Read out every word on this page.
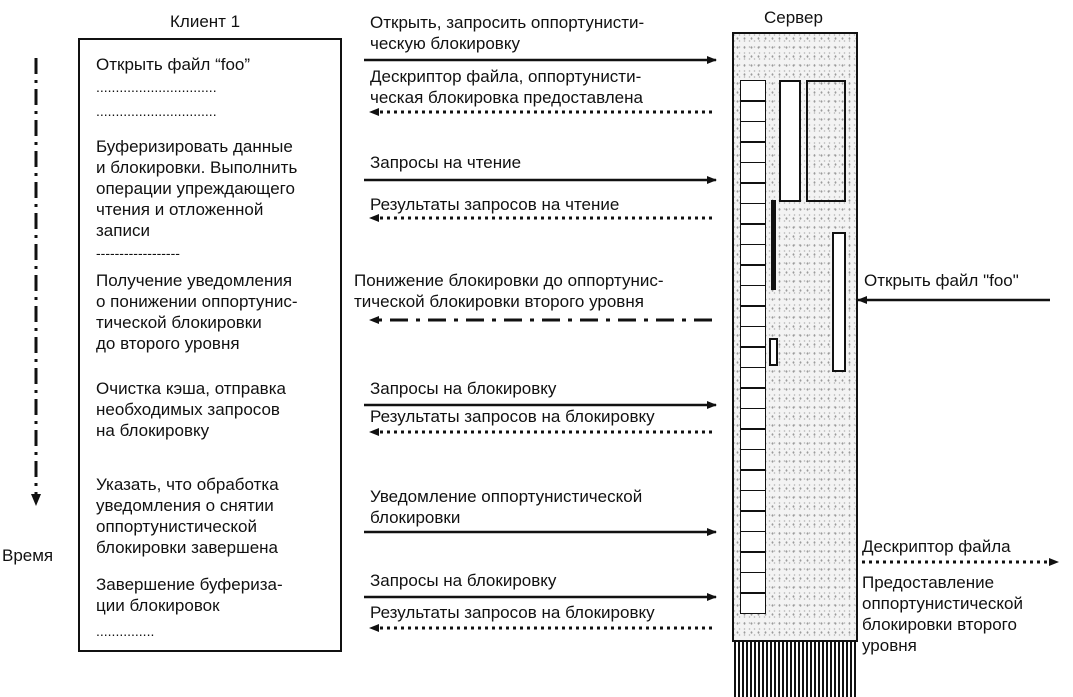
Клиент 1
Открыть файл “foo”
...............................
...............................
Буферизировать данные
и блокировки. Выполнить
операции упреждающего
чтения и отложенной
записи
------------------
Получение уведомления
о понижении оппортунис-
тической блокировки
до второго уровня
Очистка кэша, отправка
необходимых запросов
на блокировку
Указать, что обработка
уведомления о снятии
оппортунистической
блокировки завершена
Завершение буфериза-
ции блокировок
...............
Время
Сервер
Открыть, запросить оппортунисти-
ческую блокировку
Дескриптор файла, оппортунисти-
ческая блокировка предоставлена
Запросы на чтение
Результаты запросов на чтение
Понижение блокировки до оппортунис-
тической блокировки второго уровня
Запросы на блокировку
Результаты запросов на блокировку
Уведомление оппортунистической
блокировки
Запросы на блокировку
Результаты запросов на блокировку
Открыть файл "foo"
Дескриптор файла
Предоставление
оппортунистической
блокировки второго
уровня
